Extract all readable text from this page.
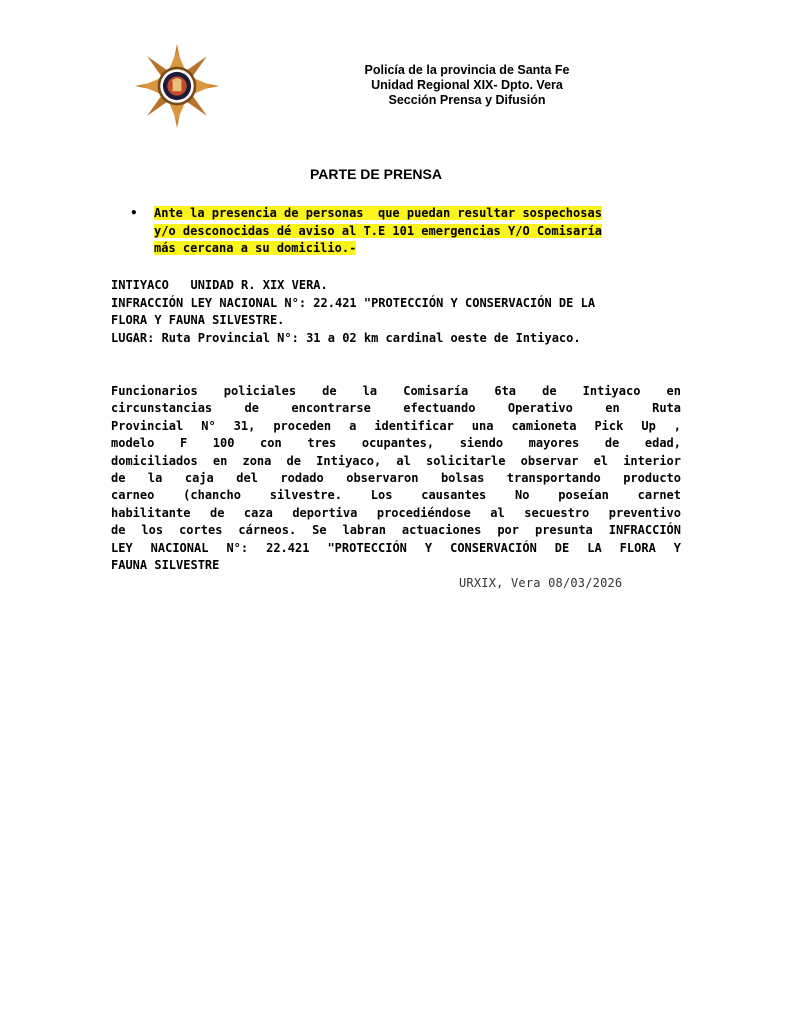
Policía de la provincia de Santa Fe
Unidad Regional XIX- Dpto. Vera
Sección Prensa y Difusión
PARTE DE PRENSA
• Ante la presencia de personas  que puedan resultar sospechosas
y/o desconocidas dé aviso al T.E 101 emergencias Y/O Comisaría
más cercana a su domicilio.-
INTIYACO   UNIDAD R. XIX VERA.
INFRACCIÓN LEY NACIONAL N°: 22.421 "PROTECCIÓN Y CONSERVACIÓN DE LA
FLORA Y FAUNA SILVESTRE.
LUGAR: Ruta Provincial N°: 31 a 02 km cardinal oeste de Intiyaco.
Funcionarios policiales de la Comisaría 6ta de Intiyaco en
circunstancias de encontrarse efectuando Operativo en Ruta
Provincial N° 31, proceden a identificar una camioneta Pick Up ,
modelo F 100 con tres ocupantes, siendo mayores de edad,
domiciliados en zona de Intiyaco, al solicitarle observar el interior
de la caja del rodado observaron bolsas transportando producto
carneo (chancho silvestre. Los causantes No poseían carnet
habilitante de caza deportiva procediéndose al secuestro preventivo
de los cortes cárneos. Se labran actuaciones por presunta INFRACCIÓN
LEY NACIONAL N°: 22.421 "PROTECCIÓN Y CONSERVACIÓN DE LA FLORA Y
FAUNA SILVESTRE
URXIX, Vera 08/03/2026
